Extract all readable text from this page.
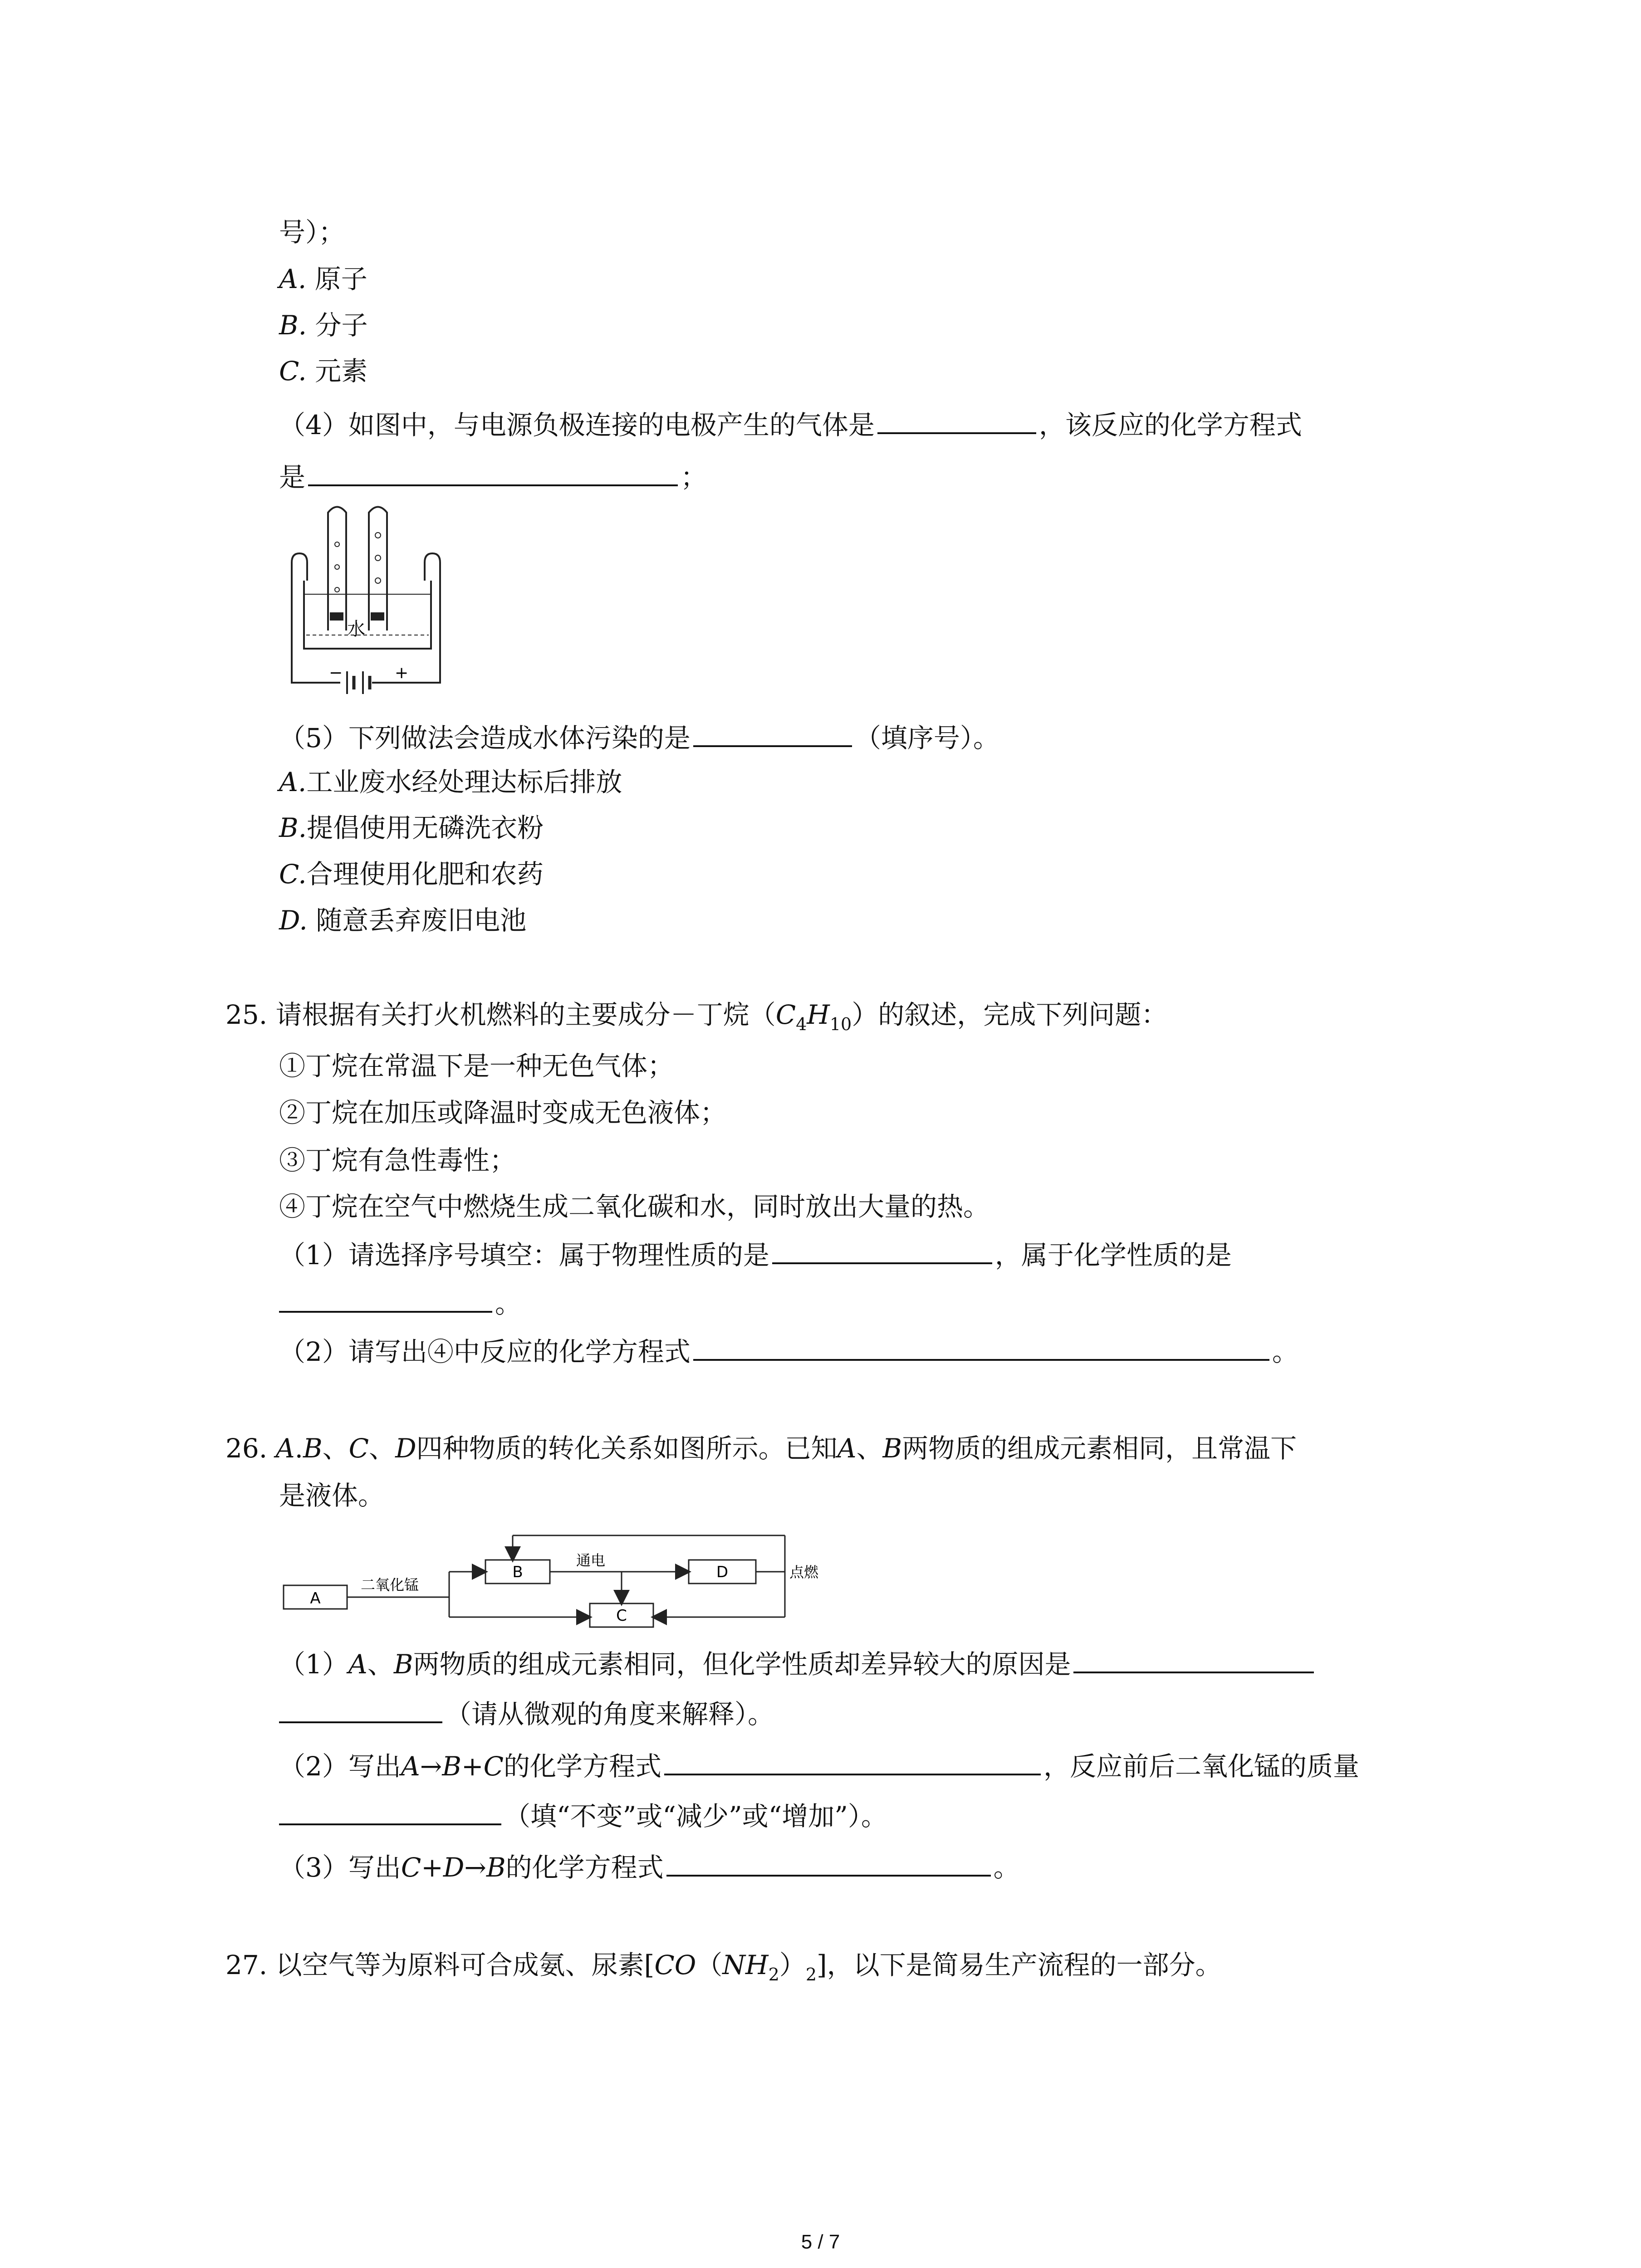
号）；
A. 原子
B. 分子
C. 元素
（4）如图中，与电源负极连接的电极产生的气体是	，该反应的化学方程式
是	；
水
−	+
（5）下列做法会造成水体污染的是	（填序号）。
A.工业废水经处理达标后排放
B.提倡使用无磷洗衣粉
C.合理使用化肥和农药
D. 随意丢弃废旧电池
25. 请根据有关打火机燃料的主要成分－丁烷$(C_4H_{10})$的叙述，完成下列问题：
①丁烷在常温下是一种无色气体；
②丁烷在加压或降温时变成无色液体；
③丁烷有急性毒性；
④丁烷在空气中燃烧生成二氧化碳和水，同时放出大量的热。
（1）请选择序号填空：属于物理性质的是	，属于化学性质的是
。
（2）请写出④中反应的化学方程式	。
26. A.B、C、D四种物质的转化关系如图所示。已知A、B两物质的组成元素相同，且常温下
是液体。
A
B	D
C
二氧化锰
通电
点燃
（1）A、B两物质的组成元素相同，但化学性质却差异较大的原因是
（请从微观的角度来解释）。
（2）写出A→B+C的化学方程式	，反应前后二氧化锰的质量
（填“不变”或“减少”或“增加”）。
（3）写出C+D→B的化学方程式	。
27. 以空气等为原料可合成氨、尿素$[CO(NH_2)_2]$，以下是简易生产流程的一部分。
5 / 7
